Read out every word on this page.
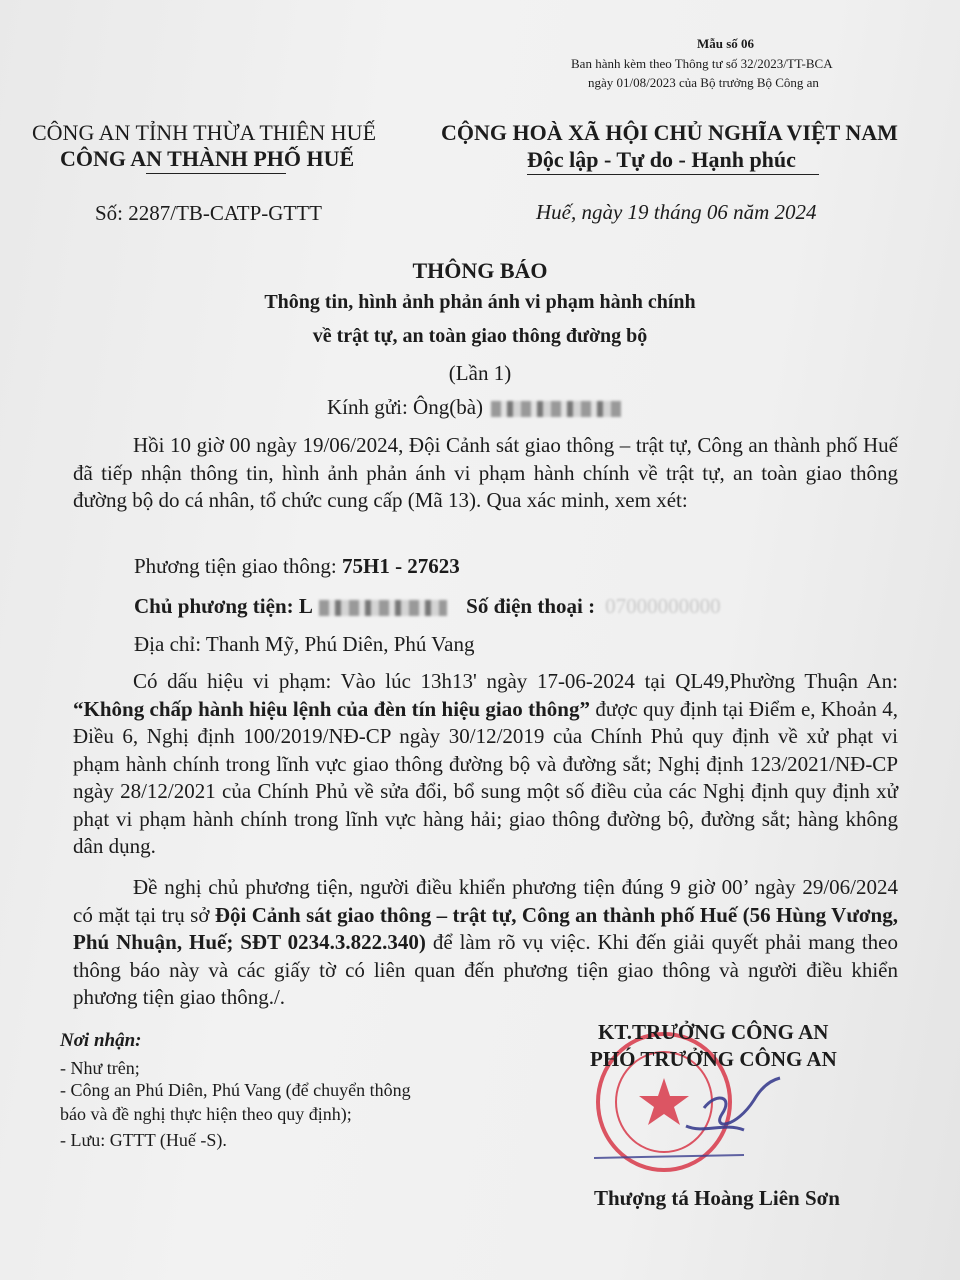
Mẫu số 06
Ban hành kèm theo Thông tư số 32/2023/TT-BCA
ngày 01/08/2023 của Bộ trưởng Bộ Công an
CÔNG AN TỈNH THỪA THIÊN HUẾ
CÔNG AN THÀNH PHỐ HUẾ
Số: 2287/TB-CATP-GTTT
CỘNG HOÀ XÃ HỘI CHỦ NGHĨA VIỆT NAM
Độc lập - Tự do - Hạnh phúc
Huế, ngày 19 tháng 06 năm 2024
THÔNG BÁO
Thông tin, hình ảnh phản ánh vi phạm hành chính
về trật tự, an toàn giao thông đường bộ
(Lần 1)
Kính gửi: Ông(bà)
Hồi 10 giờ 00 ngày 19/06/2024, Đội Cảnh sát giao thông – trật tự, Công an thành phố Huế đã tiếp nhận thông tin, hình ảnh phản ánh vi phạm hành chính về trật tự, an toàn giao thông đường bộ do cá nhân, tổ chức cung cấp (Mã 13). Qua xác minh, xem xét:
Phương tiện giao thông: 75H1 - 27623
Chủ phương tiện: L	Số điện thoại : 07000000000
Địa chỉ: Thanh Mỹ, Phú Diên, Phú Vang
Có dấu hiệu vi phạm: Vào lúc 13h13' ngày 17-06-2024 tại QL49,Phường Thuận An: “Không chấp hành hiệu lệnh của đèn tín hiệu giao thông” được quy định tại Điểm e, Khoản 4, Điều 6, Nghị định 100/2019/NĐ-CP ngày 30/12/2019 của Chính Phủ quy định về xử phạt vi phạm hành chính trong lĩnh vực giao thông đường bộ và đường sắt; Nghị định 123/2021/NĐ-CP ngày 28/12/2021 của Chính Phủ về sửa đổi, bổ sung một số điều của các Nghị định quy định xử phạt vi phạm hành chính trong lĩnh vực hàng hải; giao thông đường bộ, đường sắt; hàng không dân dụng.
Đề nghị chủ phương tiện, người điều khiển phương tiện đúng 9 giờ 00’ ngày 29/06/2024 có mặt tại trụ sở Đội Cảnh sát giao thông – trật tự, Công an thành phố Huế (56 Hùng Vương, Phú Nhuận, Huế; SĐT 0234.3.822.340) để làm rõ vụ việc. Khi đến giải quyết phải mang theo thông báo này và các giấy tờ có liên quan đến phương tiện giao thông và người điều khiển phương tiện giao thông./.
Nơi nhận:
- Như trên;
- Công an Phú Diên, Phú Vang (để chuyển thông
báo và đề nghị thực hiện theo quy định);
- Lưu: GTTT (Huế -S).
KT.TRƯỞNG CÔNG AN
PHÓ TRƯỞNG CÔNG AN
Thượng tá Hoàng Liên Sơn
